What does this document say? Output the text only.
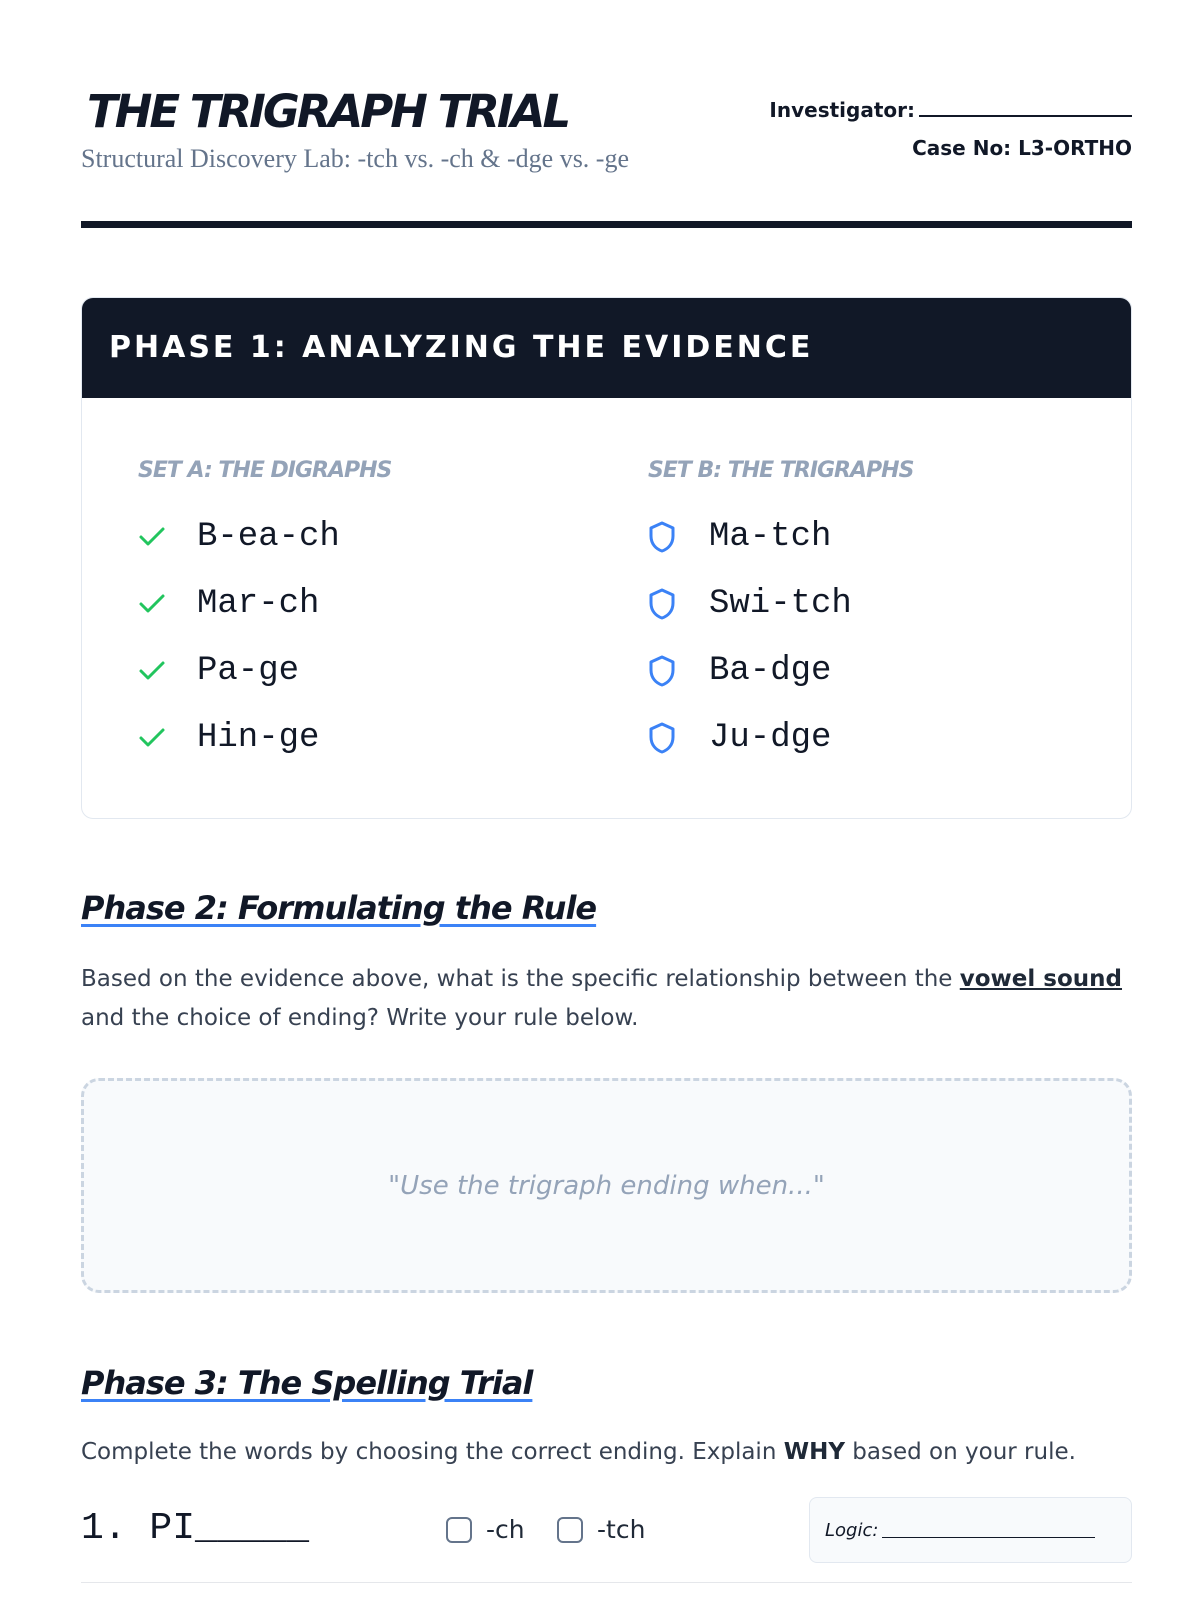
THE TRIGRAPH TRIAL
Structural Discovery Lab: -tch vs. -ch & -dge vs. -ge
Investigator:
Case No: L3-ORTHO
PHASE 1: ANALYZING THE EVIDENCE
SET A: THE DIGRAPHS
B-ea-ch
Mar-ch
Pa-ge
Hin-ge
SET B: THE TRIGRAPHS
Ma-tch
Swi-tch
Ba-dge
Ju-dge
Phase 2: Formulating the Rule

Based on the evidence above, what is the specific relationship between the vowel sound and the choice of ending? Write your rule below.

"Use the trigraph ending when..."
Phase 3: The Spelling Trial

Complete the words by choosing the correct ending. Explain WHY based on your rule.

1. PI_____	-ch	-tch	Logic:
